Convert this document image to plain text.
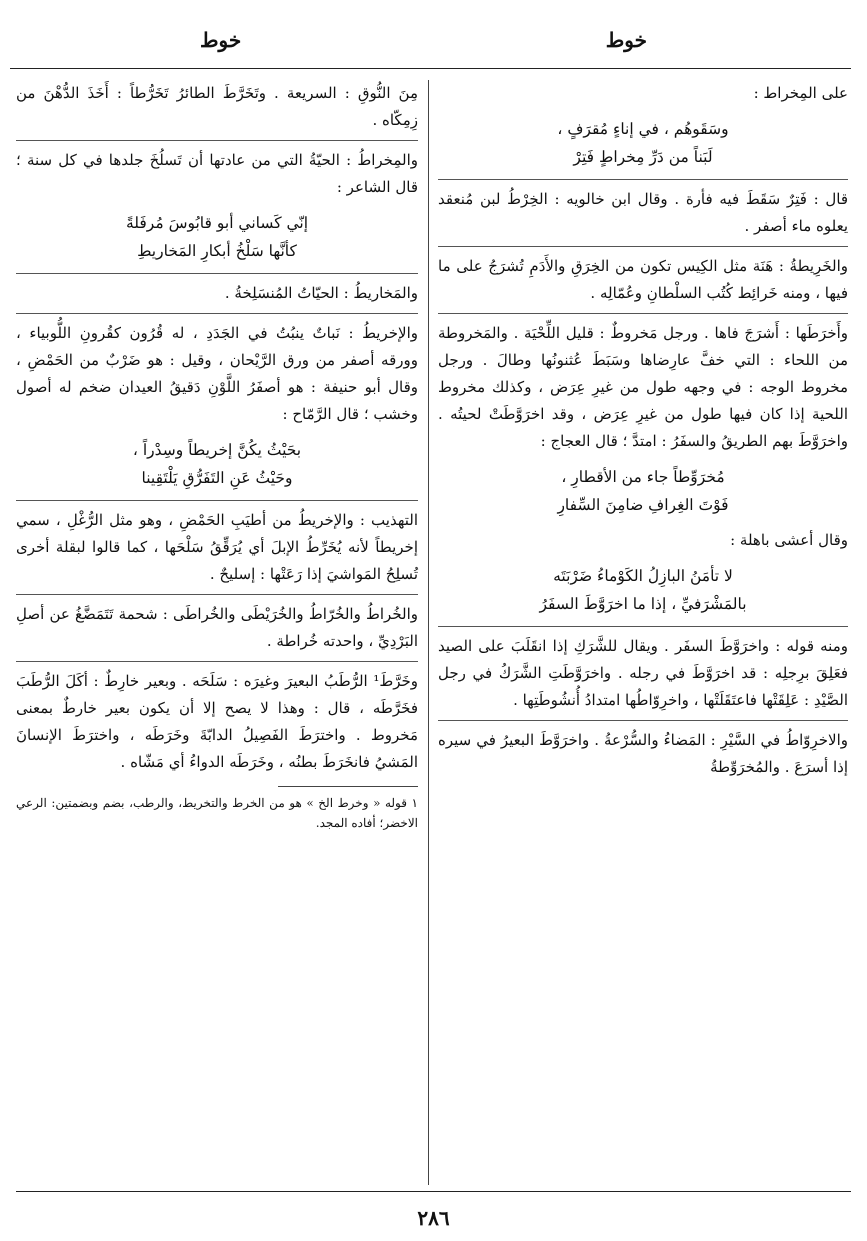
خوط
خوط

على المِخراط :

وسَقَوهُم ، في إناءٍ مُقرَفٍ ،
لَبَناً من دَرِّ مِخراطٍ فَتِرْ

قال : فَتِرٌ سَقَطَ فيه فأرة . وقال ابن خالويه : الخِرْطُ لبن مُنعقد يعلوه ماء أصفر .

والخَرِيطةُ : هَنَة مثل الكِيس تكون من الخِرَقِ والأَدَمِ تُشرَجُ على ما فيها ، ومنه خَرائِط كُتُب السلْطانِ وعُمّالِه .

وأَخرَطَها : أَشرَجَ فاها . ورجل مَخروطٌ : قليل اللِّحْيَة . والمَخروطة من اللحاء : التي خفَّ عارِضاها وسَبَطَ عُثنونُها وطالَ . ورجل مخروط الوجه : في وجهه طول من غيرِ عِرَض ، وكذلك مخروط اللحية إذا كان فيها طول من غيرِ عِرَض ، وقد اخرَوَّطَتْ لحيتُه . واخرَوَّطَ بهم الطريقُ والسفَرُ : امتدَّ ؛ قال العجاج :

مُخرَوِّطاً جاء من الأقطارِ ،
فَوْتَ الغِرافِ ضامِنَ السِّفارِ

وقال أعشى باهلة :

لا تأمَنُ البازِلُ الكَوْماءُ ضَرْبَتَه
بالمَشْرَفيِّ ، إذا ما اخرَوَّطَ السفَرُ

ومنه قوله : واخرَوَّطَ السفَر . ويقال للشَّرَكِ إذا انقَلَبَ على الصيد فعَلِقَ برِجلِه : قد اخرَوَّطَ في رجله . واخرَوَّطَتِ الشَّرَكُ في رجل الصَّيْدِ : عَلِقَتْها فاعتَقَلَتْها ، واخرِوّاطُها امتدادُ أُنشُوطَتِها .

والاخرِوّاطُ في السَّيْرِ : المَضاءُ والسُّرْعةُ . واخرَوَّطَ البعيرُ في سيره إذا أسرَعَ . والمُخرَوِّطةُ

مِنَ النُّوقِ : السريعة . وتَخَرَّطَ الطائرُ تَخَرُّطاً : أَخَذَ الدُّهْنَ من زِمِكّاه .

والمِخراطُ : الحيّةُ التي من عادتها أن تَسلُخَ جلدها في كل سنة ؛ قال الشاعر :

إنّي كَساني أبو قابُوسَ مُرفَلةً
كأنَّها سَلْخُ أبكارِ المَخاريطِ

والمَخاريطُ : الحيّاتُ المُنسَلِخةُ .

والإخريطُ : نَباتٌ ينبُتُ في الجَدَدِ ، له قُرُون كقُرونِ اللُّوبياء ، وورقه أصفر من ورق الرَّيْحان ، وقيل : هو ضَرْبٌ من الحَمْضِ ، وقال أبو حنيفة : هو أصفَرُ اللَّوْنِ دَقيقُ العيدان ضخم له أصول وخشب ؛ قال الرَّمّاح :

بحَيْثُ يكُنَّ إخريطاً وسِدْراً ،
وحَيْثُ عَنِ التَفَرُّقِ يَلْتَقِينا

التهذيب : والإخريطُ من أطيَبِ الحَمْضِ ، وهو مثل الرُّغْلِ ، سمي إخريطاً لأنه يُخَرِّطُ الإبلَ أي يُرَقِّقُ سَلْحَها ، كما قالوا لبقلة أخرى تُسلِحُ المَواشيَ إذا رَعَتْها : إسليحٌ .

والخُراطُ والخُرّاطُ والخُرَيْطَى والخُراطَى : شحمة تَتَمَضَّغُ عن أصلِ البَرْدِيِّ ، واحدته خُراطة .

وخَرَّطَ¹ الرُّطَبُ البعيرَ وغيرَه : سَلَحَه . وبعير خارِطٌ : أكَلَ الرُّطَبَ فخَرَّطَه ، قال : وهذا لا يصح إلا أن يكون بعير خارطٌ بمعنى مَخروط . واخترَطَ الفَصِيلُ الدابّةَ وخَرَطَه ، واخترَطَ الإنسانَ المَشيُ فانخَرَطَ بطنُه ، وخَرَطَه الدواءُ أي مَشّاه .

١ قوله « وخرط الخ » هو من الخرط والتخريط، والرطب، بضم وبضمتين: الرعي الاخضر؛ أفاده المجد.

٢٨٦
